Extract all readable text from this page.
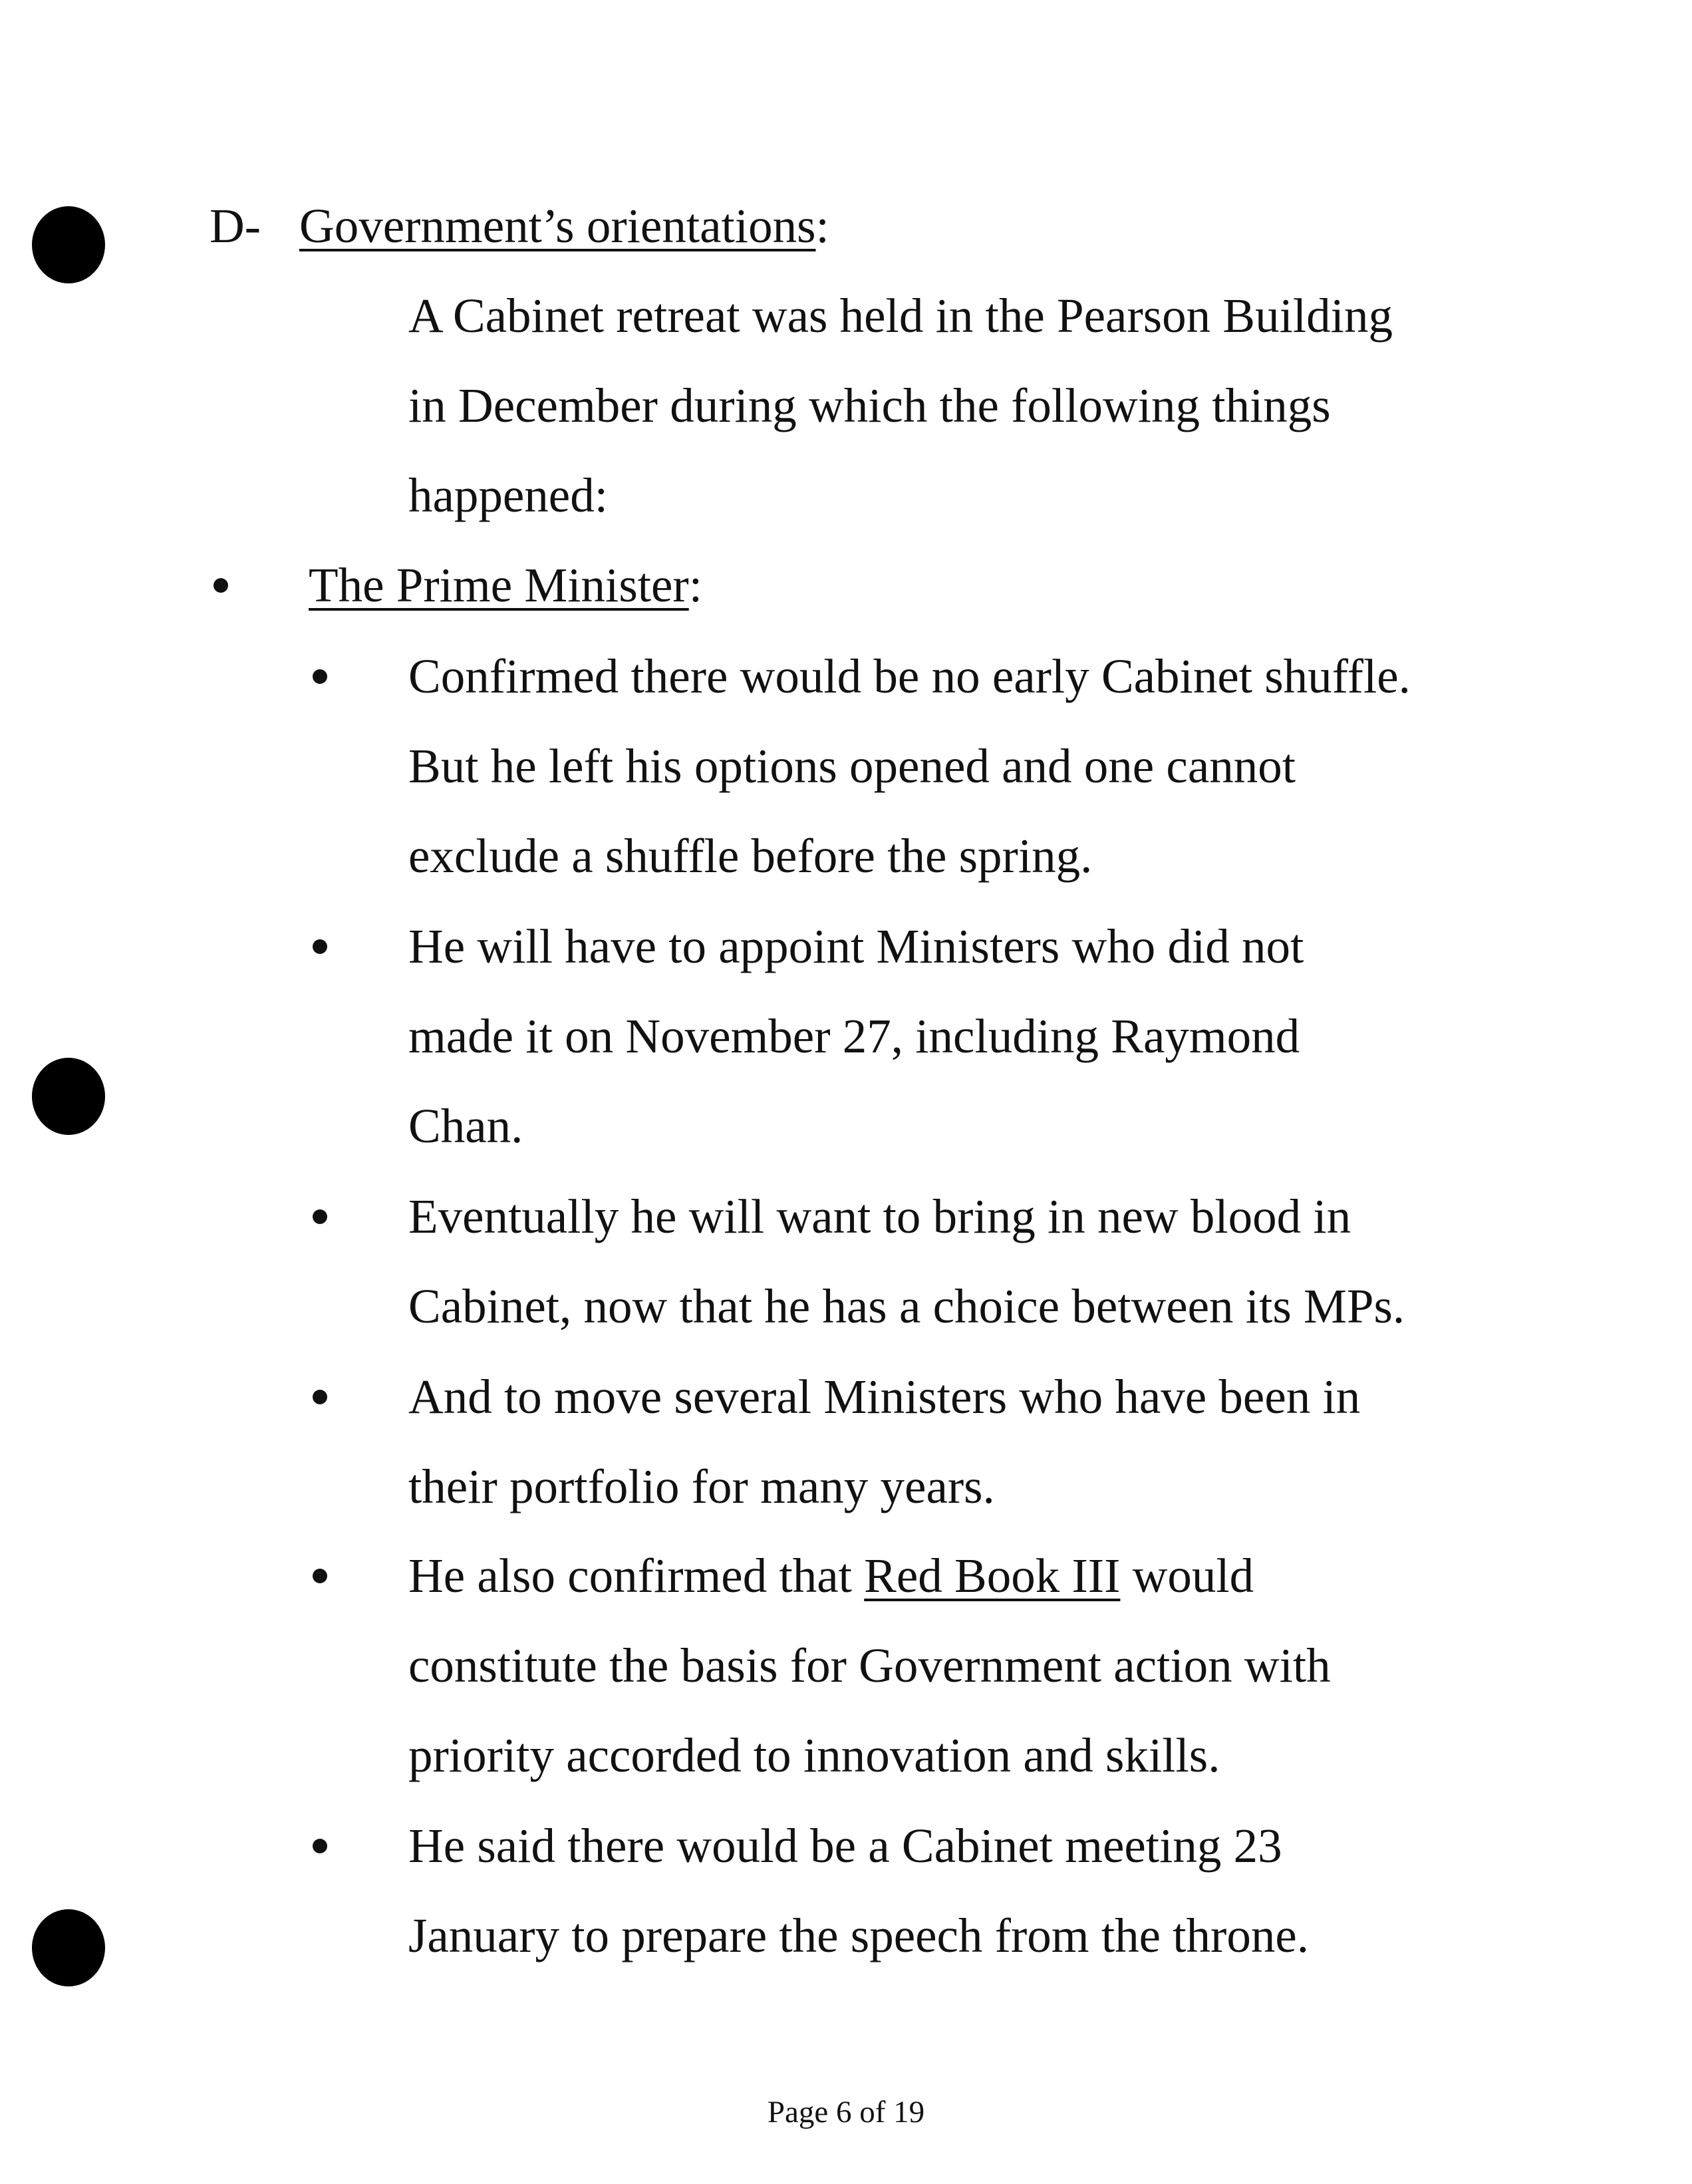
D- Government’s orientations:
A Cabinet retreat was held in the Pearson Building
in December during which the following things
happened:
The Prime Minister:
Confirmed there would be no early Cabinet shuffle.
But he left his options opened and one cannot
exclude a shuffle before the spring.
He will have to appoint Ministers who did not
made it on November 27, including Raymond
Chan.
Eventually he will want to bring in new blood in
Cabinet, now that he has a choice between its MPs.
And to move several Ministers who have been in
their portfolio for many years.
He also confirmed that Red Book III would
constitute the basis for Government action with
priority accorded to innovation and skills.
He said there would be a Cabinet meeting 23
January to prepare the speech from the throne.
Page 6 of 19
